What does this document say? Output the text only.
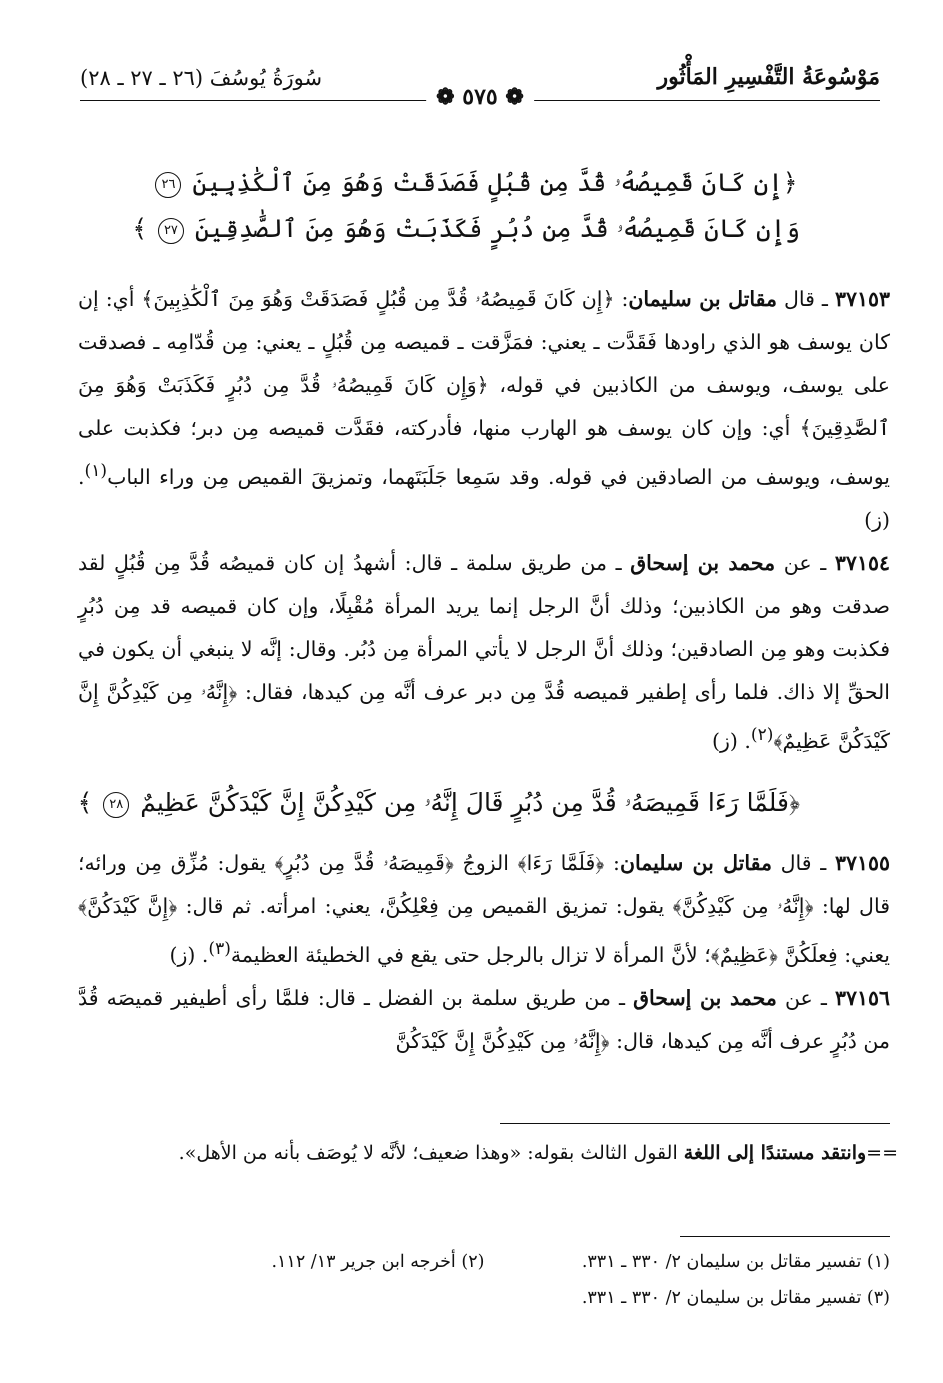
مَوْسُوعَةُ التَّفْسِيرِ المَأْثُور
سُورَةُ يُوسُفَ (٢٦ ـ ٢٧ ـ ٢٨)
❁ ٥٧٥ ❁
﴿إِن كَانَ قَمِيصُهُۥ قُدَّ مِن قُبُلٍ فَصَدَقَتْ وَهُوَ مِنَ ٱلْكَٰذِبِينَ ٢٦
وَإِن كَانَ قَمِيصُهُۥ قُدَّ مِن دُبُرٍ فَكَذَبَتْ وَهُوَ مِنَ ٱلصَّٰدِقِينَ ٢٧ ﴾

٣٧١٥٣ ـ قال مقاتل بن سليمان: ﴿إِن كَانَ قَمِيصُهُۥ قُدَّ مِن قُبُلٍ فَصَدَقَتْ وَهُوَ مِنَ ٱلْكَٰذِبِينَ﴾ أي: إن كان يوسف هو الذي راودها فَقَدَّت ـ يعني: فمَزَّقت ـ قميصه مِن قُبُلٍ ـ يعني: مِن قُدّامِه ـ فصدقت على يوسف، ويوسف من الكاذبين في قوله، ﴿وَإِن كَانَ قَمِيصُهُۥ قُدَّ مِن دُبُرٍ فَكَذَبَتْ وَهُوَ مِنَ ٱلصَّٰدِقِينَ﴾ أي: وإن كان يوسف هو الهارب منها، فأدركته، فقَدَّت قميصه مِن دبر؛ فكذبت على يوسف، ويوسف من الصادقين في قوله. وقد سَمِعا جَلَبَتَهما، وتمزيقَ القميص مِن وراء الباب$^{(١)}$. (ز)

٣٧١٥٤ ـ عن محمد بن إسحاق ـ من طريق سلمة ـ قال: أشهدُ إن كان قميصُه قُدَّ مِن قُبُلٍ لقد صدقت وهو من الكاذبين؛ وذلك أنَّ الرجل إنما يريد المرأة مُقْبِلًا، وإن كان قميصه قد مِن دُبُرٍ فكذبت وهو مِن الصادقين؛ وذلك أنَّ الرجل لا يأتي المرأة مِن دُبُر. وقال: إنَّه لا ينبغي أن يكون في الحقِّ إلا ذاك. فلما رأى إطفير قميصه قُدَّ مِن دبر عرف أنَّه مِن كيدها، فقال: ﴿إِنَّهُۥ مِن كَيْدِكُنَّ إِنَّ كَيْدَكُنَّ عَظِيمٌ﴾$^{(٢)}$. (ز)

﴿فَلَمَّا رَءَا قَمِيصَهُۥ قُدَّ مِن دُبُرٍ قَالَ إِنَّهُۥ مِن كَيْدِكُنَّ إِنَّ كَيْدَكُنَّ عَظِيمٌ ٢٨ ﴾

٣٧١٥٥ ـ قال مقاتل بن سليمان: ﴿فَلَمَّا رَءَا﴾ الزوجُ ﴿قَمِيصَهُۥ قُدَّ مِن دُبُرٍ﴾ يقول: مُزِّق مِن ورائه؛ قال لها: ﴿إِنَّهُۥ مِن كَيْدِكُنَّ﴾ يقول: تمزيق القميص مِن فِعْلِكُنَّ، يعني: امرأته. ثم قال: ﴿إِنَّ كَيْدَكُنَّ﴾ يعني: فِعلَكُنَّ ﴿عَظِيمٌ﴾؛ لأنَّ المرأة لا تزال بالرجل حتى يقع في الخطيئة العظيمة$^{(٣)}$. (ز)

٣٧١٥٦ ـ عن محمد بن إسحاق ـ من طريق سلمة بن الفضل ـ قال: فلمَّا رأى أطيفير قميصَه قُدَّ من دُبُرٍ عرف أنَّه مِن كيدها، قال: ﴿إِنَّهُۥ مِن كَيْدِكُنَّ إِنَّ كَيْدَكُنَّ

==وانتقد مستندًا إلى اللغة القول الثالث بقوله: «وهذا ضعيف؛ لأنَّه لا يُوصَف بأنه من الأهل».
(١) تفسير مقاتل بن سليمان ٢/ ٣٣٠ ـ ٣٣١. (٢) أخرجه ابن جرير ١٣/ ١١٢.
(٣) تفسير مقاتل بن سليمان ٢/ ٣٣٠ ـ ٣٣١.
